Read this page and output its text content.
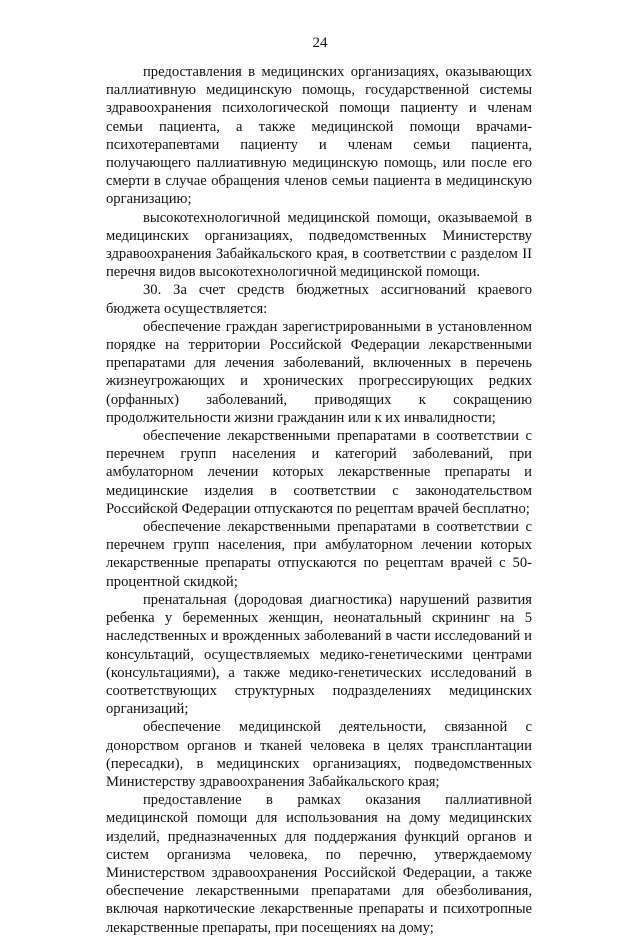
24

предоставления в медицинских организациях, оказывающих паллиативную медицинскую помощь, государственной системы здравоохранения психологической помощи пациенту и членам семьи пациента, а также медицинской помощи врачами-психотерапевтами пациенту и членам семьи пациента, получающего паллиативную медицинскую помощь, или после его смерти в случае обращения членов семьи пациента в медицинскую организацию;

высокотехнологичной медицинской помощи, оказываемой в медицинских организациях, подведомственных Министерству здравоохранения Забайкальского края, в соответствии с разделом II перечня видов высокотехнологичной медицинской помощи.

30. За счет средств бюджетных ассигнований краевого бюджета осуществляется:

обеспечение граждан зарегистрированными в установленном порядке на территории Российской Федерации лекарственными препаратами для лечения заболеваний, включенных в перечень жизнеугрожающих и хронических прогрессирующих редких (орфанных) заболеваний, приводящих к сокращению продолжительности жизни гражданин или к их инвалидности;

обеспечение лекарственными препаратами в соответствии с перечнем групп населения и категорий заболеваний, при амбулаторном лечении которых лекарственные препараты и медицинские изделия в соответствии с законодательством Российской Федерации отпускаются по рецептам врачей бесплатно;

обеспечение лекарственными препаратами в соответствии с перечнем групп населения, при амбулаторном лечении которых лекарственные препараты отпускаются по рецептам врачей с 50-процентной скидкой;

пренатальная (дородовая диагностика) нарушений развития ребенка у беременных женщин, неонатальный скрининг на 5 наследственных и врожденных заболеваний в части исследований и консультаций, осуществляемых медико-генетическими центрами (консультациями), а также медико-генетических исследований в соответствующих структурных подразделениях медицинских организаций;

обеспечение медицинской деятельности, связанной с донорством органов и тканей человека в целях трансплантации (пересадки), в медицинских организациях, подведомственных Министерству здравоохранения Забайкальского края;

предоставление в рамках оказания паллиативной медицинской помощи для использования на дому медицинских изделий, предназначенных для поддержания функций органов и систем организма человека, по перечню, утверждаемому Министерством здравоохранения Российской Федерации, а также обеспечение лекарственными препаратами для обезболивания, включая наркотические лекарственные препараты и психотропные лекарственные препараты, при посещениях на дому;
